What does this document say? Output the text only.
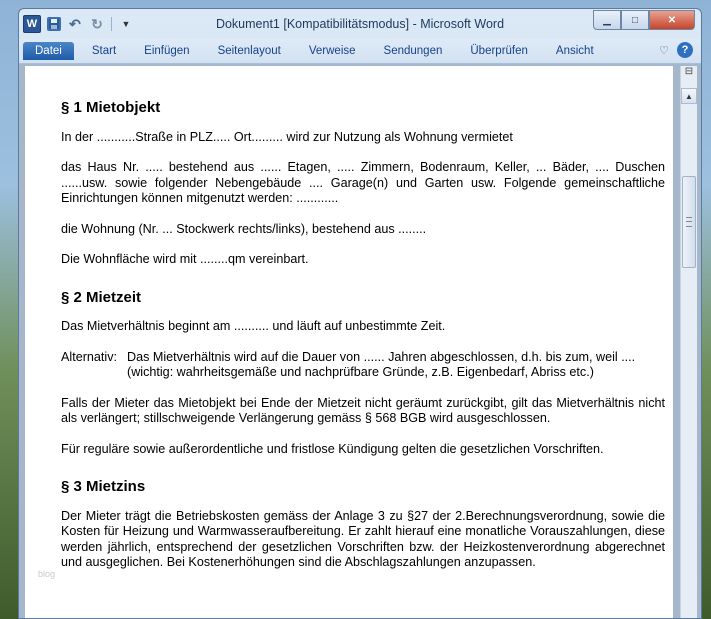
W ↶ ↻	▼	Dokument1 [Kompatibilitätsmodus] - Microsoft Word	▁	□	✕
Datei	Start Einfügen Seitenlayout Verweise Sendungen Überprüfen Ansicht	♡	?
§ 1 Mietobjekt
In der ...........Straße in PLZ..... Ort......... wird zur Nutzung als Wohnung vermietet
das Haus Nr. ..... bestehend aus ...... Etagen, ..... Zimmern, Bodenraum, Keller, ... Bäder, .... Duschen ......usw. sowie folgender Nebengebäude .... Garage(n) und Garten usw. Folgende gemeinschaftliche Einrichtungen können mitgenutzt werden: ............
die Wohnung (Nr. ... Stockwerk rechts/links), bestehend aus ........
Die Wohnfläche wird mit ........qm vereinbart.
§ 2 Mietzeit
Das Mietverhältnis beginnt am .......... und läuft auf unbestimmte Zeit.
Alternativ: Das Mietverhältnis wird auf die Dauer von ...... Jahren abgeschlossen, d.h. bis zum, weil ....
(wichtig: wahrheitsgemäße und nachprüfbare Gründe, z.B. Eigenbedarf, Abriss etc.)
Falls der Mieter das Mietobjekt bei Ende der Mietzeit nicht geräumt zurückgibt, gilt das Mietverhältnis nicht als verlängert; stillschweigende Verlängerung gemäss § 568 BGB wird ausgeschlossen.
Für reguläre sowie außerordentliche und fristlose Kündigung gelten die gesetzlichen Vorschriften.
§ 3 Mietzins
Der Mieter trägt die Betriebskosten gemäss der Anlage 3 zu §27 der 2.Berechnungsverordnung, sowie die Kosten für Heizung und Warmwasseraufbereitung. Er zahlt hierauf eine monatliche Vorauszahlungen, diese werden jährlich, entsprechend der gesetzlichen Vorschriften bzw. der Heizkostenverordnung abgerechnet und ausgeglichen. Bei Kostenerhöhungen sind die Abschlagszahlungen anzupassen.
⊟
▲
blog
